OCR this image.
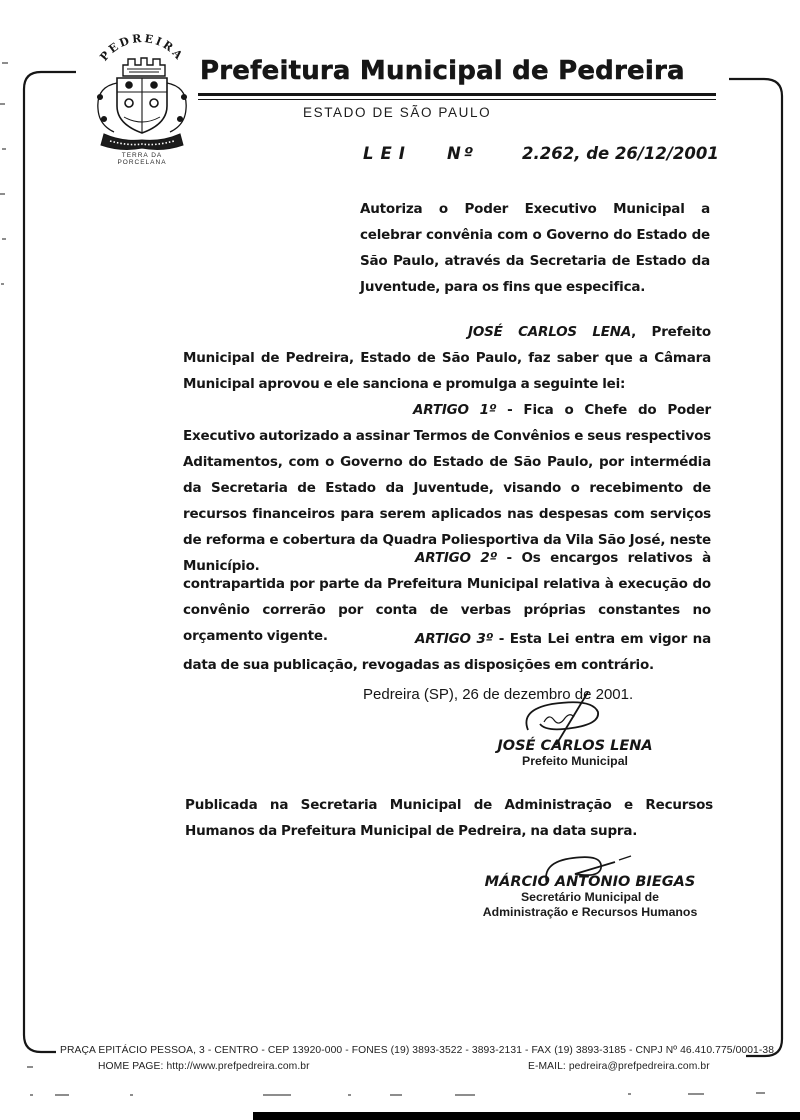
PEDREIRA
TERRA DA
PORCELANA
Prefeitura Municipal de Pedreira
ESTADO DE SÃO PAULO
LEI Nº	2.262, de 26/12/2001

Autoriza o Poder Executivo Municipal a celebrar convênia com o Governo do Estado de São Paulo, através da Secretaria de Estado da Juventude, para os fins que especifica.

JOSÉ CARLOS LENA, Prefeito Municipal de Pedreira, Estado de São Paulo, faz saber que a Câmara Municipal aprovou e ele sanciona e promulga a seguinte lei:

ARTIGO 1º - Fica o Chefe do Poder Executivo autorizado a assinar Termos de Convênios e seus respectivos Aditamentos, com o Governo do Estado de São Paulo, por intermédia da Secretaria de Estado da Juventude, visando o recebimento de recursos financeiros para serem aplicados nas despesas com serviços de reforma e cobertura da Quadra Poliesportiva da Vila São José, neste Município.	ARTIGO 2º - Os encargos relativos à contrapartida por parte da Prefeitura Municipal relativa à execução do convênio correrão por conta de verbas próprias constantes no orçamento vigente.	ARTIGO 3º - Esta Lei entra em vigor na data de sua publicação, revogadas as disposições em contrário.

Pedreira (SP), 26 de dezembro de 2001.
JOSÉ CARLOS LENA
Prefeito Municipal

Publicada na Secretaria Municipal de Administração e Recursos Humanos da Prefeitura Municipal de Pedreira, na data supra.

MÁRCIO ANTONIO BIEGAS
Secretário Municipal de
Administração e Recursos Humanos
PRAÇA EPITÁCIO PESSOA, 3 - CENTRO - CEP 13920-000 - FONES (19) 3893-3522 - 3893-2131 - FAX (19) 3893-3185 - CNPJ Nº 46.410.775/0001-38
HOME PAGE: http://www.prefpedreira.com.br	E-MAIL: pedreira@prefpedreira.com.br
